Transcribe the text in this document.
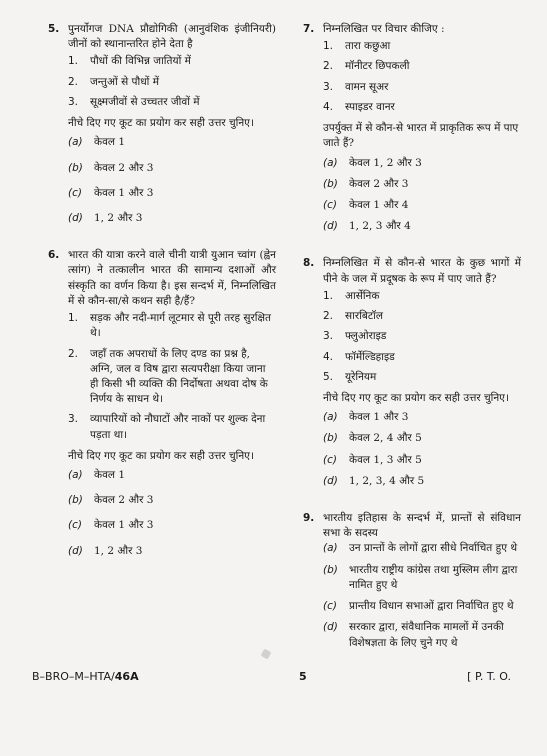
5. पुनर्योगज DNA प्रौद्योगिकी (आनुवंशिक इंजीनियरी) जीनों को स्थानान्तरित होने देता है
1.	पौधों की विभिन्न जातियों में
2.	जन्तुओं से पौधों में
3.	सूक्ष्मजीवों से उच्चतर जीवों में
नीचे दिए गए कूट का प्रयोग कर सही उत्तर चुनिए।
(a)	केवल 1
(b)	केवल 2 और 3
(c)	केवल 1 और 3
(d)	1, 2 और 3
6. भारत की यात्रा करने वाले चीनी यात्री युआन च्वांग (ह्वेन त्सांग) ने तत्कालीन भारत की सामान्य दशाओं और संस्कृति का वर्णन किया है। इस सन्दर्भ में, निम्नलिखित में से कौन-सा/से कथन सही है/हैं?
1.	सड़क और नदी-मार्ग लूटमार से पूरी तरह सुरक्षित थे।
2.	जहाँ तक अपराधों के लिए दण्ड का प्रश्न है, अग्नि, जल व विष द्वारा सत्यपरीक्षा किया जाना ही किसी भी व्यक्ति की निर्दोषता अथवा दोष के निर्णय के साधन थे।
3.	व्यापारियों को नौघाटों और नाकों पर शुल्क देना पड़ता था।
नीचे दिए गए कूट का प्रयोग कर सही उत्तर चुनिए।
(a)	केवल 1
(b)	केवल 2 और 3
(c)	केवल 1 और 3
(d)	1, 2 और 3
7. निम्नलिखित पर विचार कीजिए :
1.	तारा कछुआ
2.	मॉनीटर छिपकली
3.	वामन सूअर
4.	स्पाइडर वानर
उपर्युक्त में से कौन-से भारत में प्राकृतिक रूप में पाए जाते हैं?
(a)	केवल 1, 2 और 3
(b)	केवल 2 और 3
(c)	केवल 1 और 4
(d)	1, 2, 3 और 4
8. निम्नलिखित में से कौन-से भारत के कुछ भागों में पीने के जल में प्रदूषक के रूप में पाए जाते हैं?
1.	आर्सेनिक
2.	सारबिटॉल
3.	फ्लुओराइड
4.	फॉर्मेल्डिहाइड
5.	यूरेनियम
नीचे दिए गए कूट का प्रयोग कर सही उत्तर चुनिए।
(a)	केवल 1 और 3
(b)	केवल 2, 4 और 5
(c)	केवल 1, 3 और 5
(d)	1, 2, 3, 4 और 5
9. भारतीय इतिहास के सन्दर्भ में, प्रान्तों से संविधान सभा के सदस्य
(a)	उन प्रान्तों के लोगों द्वारा सीधे निर्वाचित हुए थे
(b)	भारतीय राष्ट्रीय कांग्रेस तथा मुस्लिम लीग द्वारा नामित हुए थे
(c)	प्रान्तीय विधान सभाओं द्वारा निर्वाचित हुए थे
(d)	सरकार द्वारा, संवैधानिक मामलों में उनकी विशेषज्ञता के लिए चुने गए थे
B–BRO–M–HTA/46A	5	[ P. T. O.
